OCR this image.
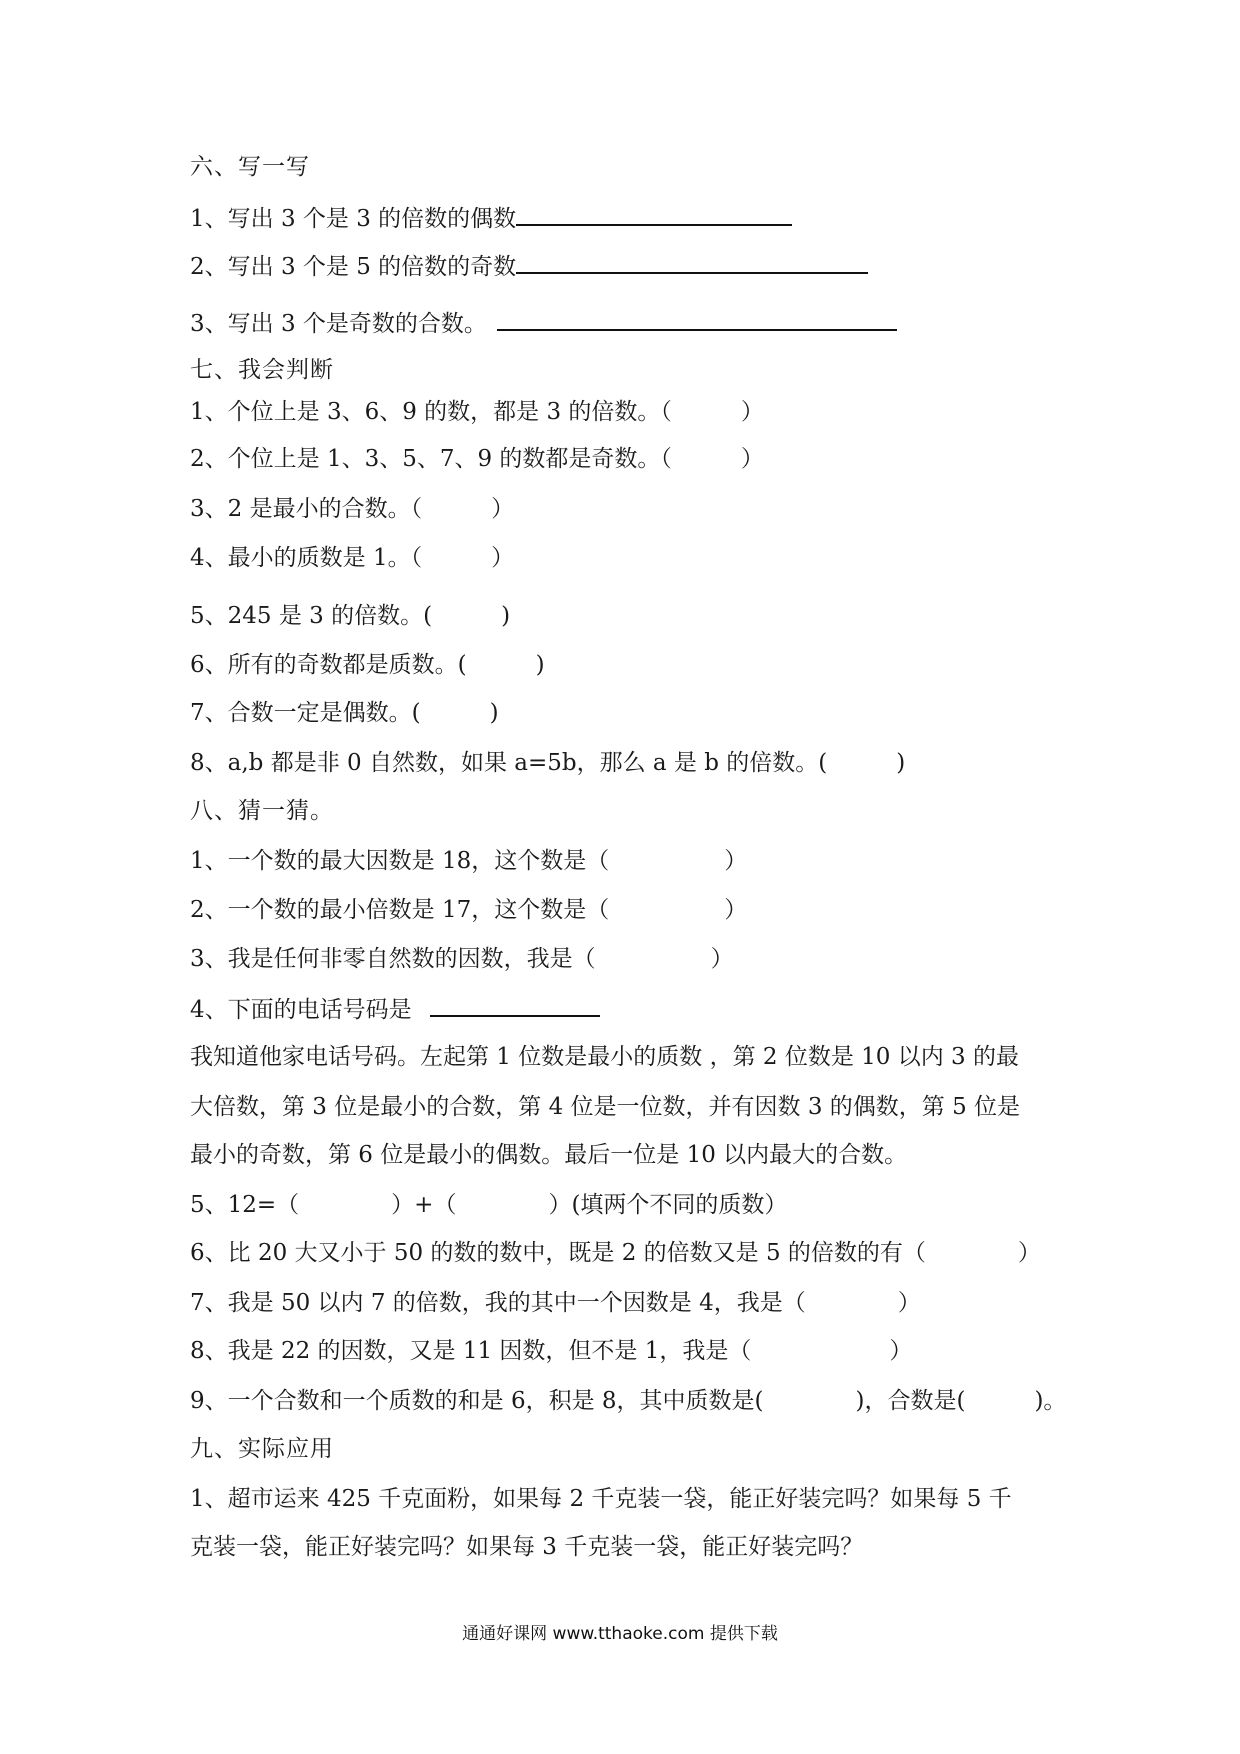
六、写一写
1、写出 3 个是 3 的倍数的偶数
2、写出 3 个是 5 的倍数的奇数
3、写出 3 个是奇数的合数。
七、我会判断
1、个位上是 3、6、9 的数，都是 3 的倍数。（　　　）
2、个位上是 1、3、5、7、9 的数都是奇数。（　　　）
3、2 是最小的合数。（　　　）
4、最小的质数是 1。（　　　）
5、245 是 3 的倍数。(　　　)
6、所有的奇数都是质数。(　　　)
7、合数一定是偶数。(　　　)
8、a,b 都是非 0 自然数，如果 a=5b，那么 a 是 b 的倍数。(　　　)
八、猜一猜。
1、一个数的最大因数是 18，这个数是（　　　　　）
2、一个数的最小倍数是 17，这个数是（　　　　　）
3、我是任何非零自然数的因数，我是（　　　　　）
4、下面的电话号码是
我知道他家电话号码。左起第 1 位数是最小的质数 ，第 2 位数是 10 以内 3 的最
大倍数，第 3 位是最小的合数，第 4 位是一位数，并有因数 3 的偶数，第 5 位是
最小的奇数，第 6 位是最小的偶数。最后一位是 10 以内最大的合数。
5、12=（　　　　）+（　　　　）(填两个不同的质数）
6、比 20 大又小于 50 的数的数中，既是 2 的倍数又是 5 的倍数的有（　　　　）
7、我是 50 以内 7 的倍数，我的其中一个因数是 4，我是（　　　　）
8、我是 22 的因数，又是 11 因数，但不是 1，我是（　　　　　　）
9、一个合数和一个质数的和是 6，积是 8，其中质数是(　　　　)，合数是(　　　)。
九、实际应用
1、超市运来 425 千克面粉，如果每 2 千克装一袋，能正好装完吗？如果每 5 千
克装一袋，能正好装完吗？如果每 3 千克装一袋，能正好装完吗？
通通好课网 www.tthaoke.com 提供下载
